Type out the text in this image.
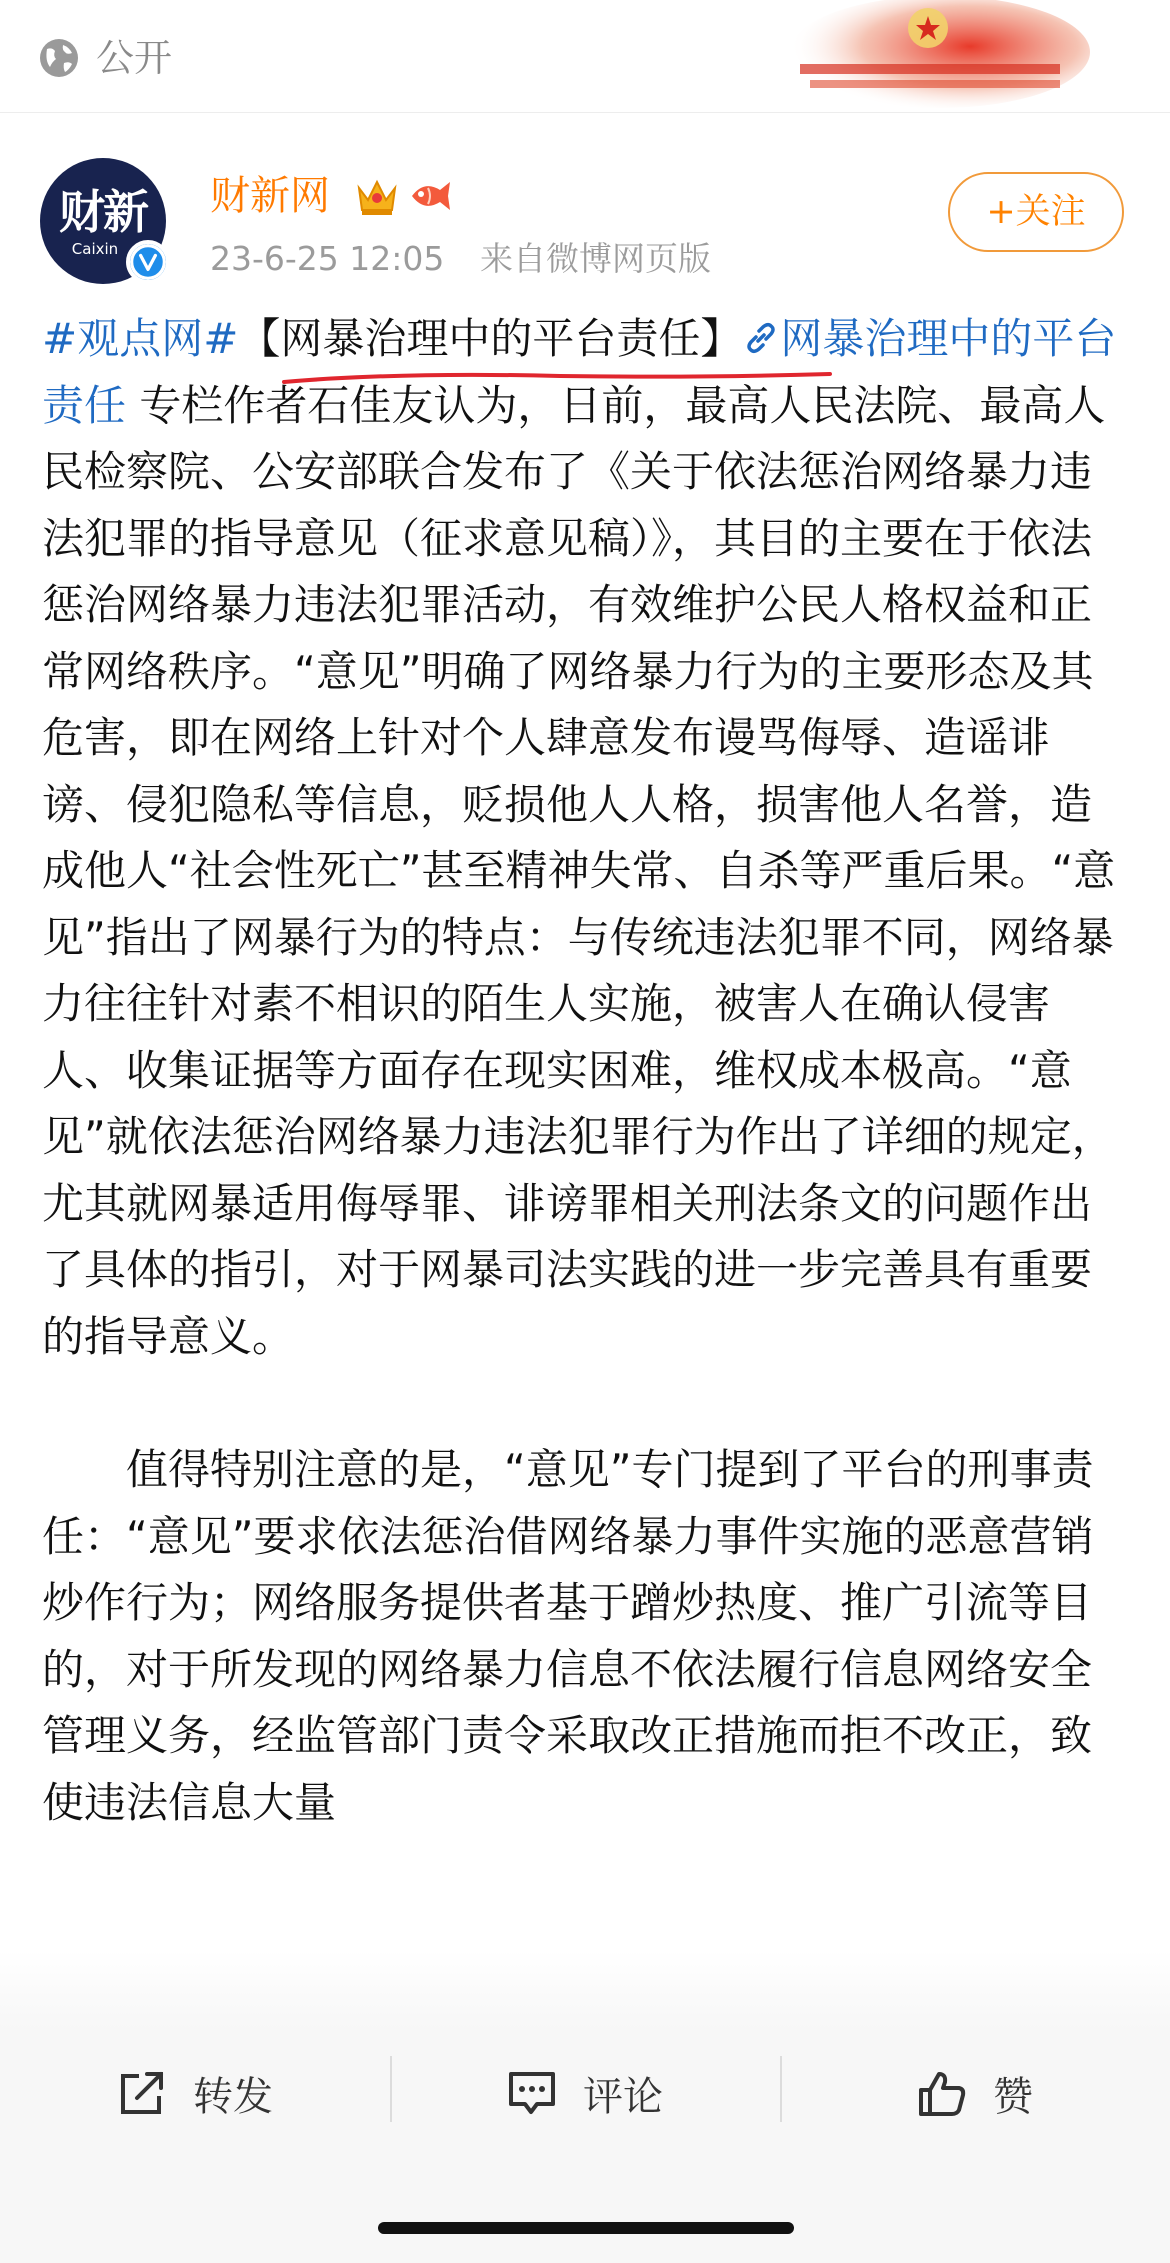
公开
财新
Caixin
财新网
23-6-25 12:05 来自微博网页版
+关注

#观点网#【网暴治理中的平台责任】 网暴治理中的平台责任 专栏作者石佳友认为，日前，最高人民法院、最高人民检察院、公安部联合发布了《关于依法惩治网络暴力违法犯罪的指导意见（征求意见稿）》，其目的主要在于依法惩治网络暴力违法犯罪活动，有效维护公民人格权益和正常网络秩序。“意见”明确了网络暴力行为的主要形态及其危害，即在网络上针对个人肆意发布谩骂侮辱、造谣诽谤、侵犯隐私等信息，贬损他人人格，损害他人名誉，造成他人“社会性死亡”甚至精神失常、自杀等严重后果。“意见”指出了网暴行为的特点：与传统违法犯罪不同，网络暴力往往针对素不相识的陌生人实施，被害人在确认侵害人、收集证据等方面存在现实困难，维权成本极高。“意见”就依法惩治网络暴力违法犯罪行为作出了详细的规定，尤其就网暴适用侮辱罪、诽谤罪相关刑法条文的问题作出了具体的指引，对于网暴司法实践的进一步完善具有重要的指导意义。

值得特别注意的是，“意见”专门提到了平台的刑事责任：“意见”要求依法惩治借网络暴力事件实施的恶意营销炒作行为；网络服务提供者基于蹭炒热度、推广引流等目的，对于所发现的网络暴力信息不依法履行信息网络安全管理义务，经监管部门责令采取改正措施而拒不改正，致使违法信息大量

转发	评论	赞
